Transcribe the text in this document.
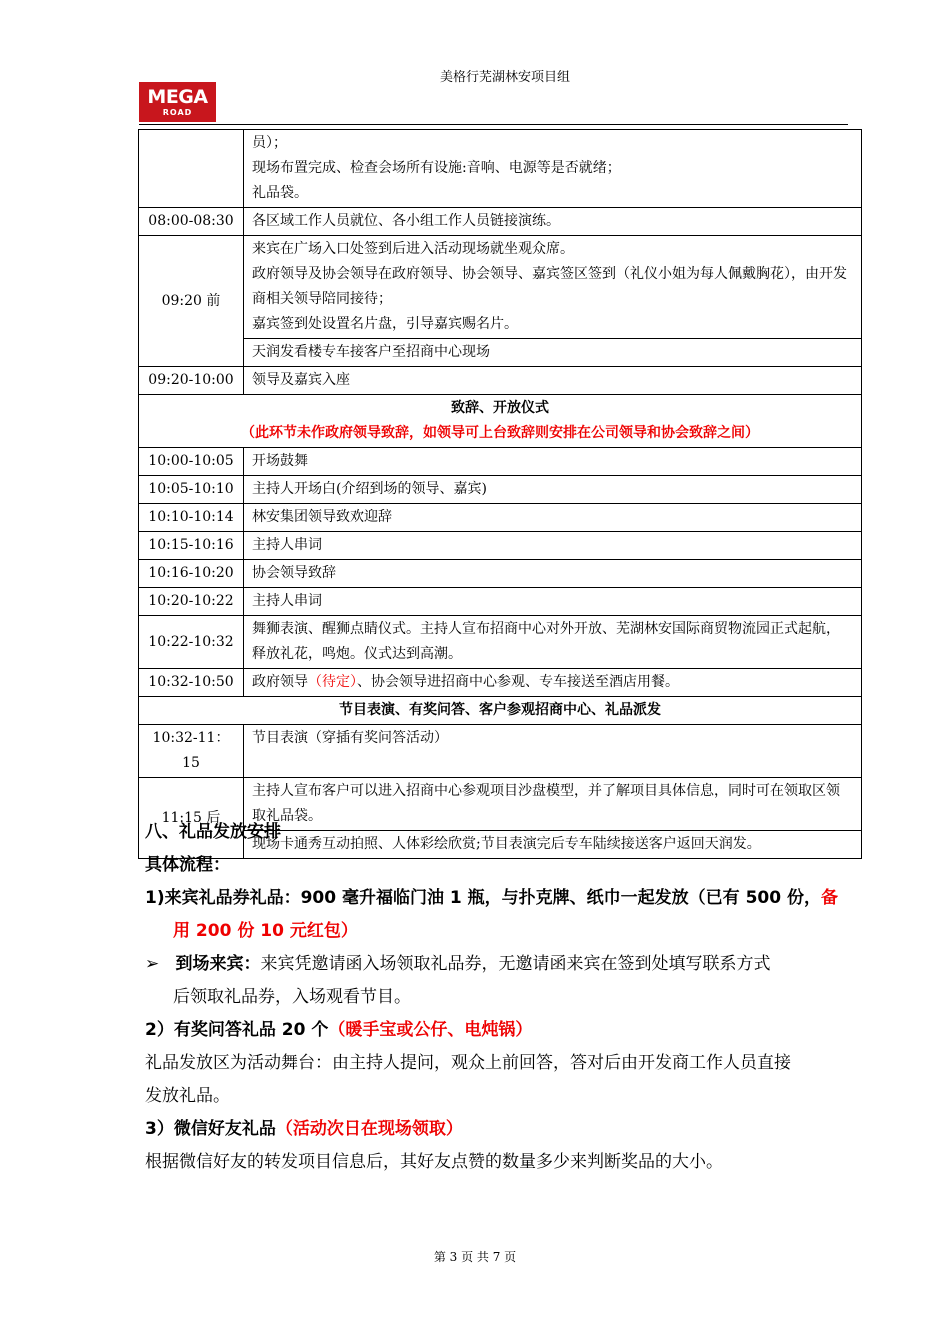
MEGA
ROAD
美格行芜湖林安项目组

	员）；
现场布置完成、检查会场所有设施:音响、电源等是否就绪；
礼品袋。

08:00-08:30	各区域工作人员就位、各小组工作人员链接演练。
09:20 前	来宾在广场入口处签到后进入活动现场就坐观众席。
政府领导及协会领导在政府领导、协会领导、嘉宾签区签到（礼仪小姐为每人佩戴胸花），由开发商相关领导陪同接待；
嘉宾签到处设置名片盘，引导嘉宾赐名片。

	天润发看楼专车接客户至招商中心现场
09:20-10:00	领导及嘉宾入座
致辞、开放仪式
（此环节未作政府领导致辞，如领导可上台致辞则安排在公司领导和协会致辞之间）	

10:00-10:05	开场鼓舞
10:05-10:10	主持人开场白(介绍到场的领导、嘉宾)
10:10-10:14	林安集团领导致欢迎辞
10:15-10:16	主持人串词
10:16-10:20	协会领导致辞
10:20-10:22	主持人串词
10:22-10:32	舞狮表演、醒狮点睛仪式。主持人宣布招商中心对外开放、芜湖林安国际商贸物流园正式起航，释放礼花，鸣炮。仪式达到高潮。
10:32-10:50	政府领导（待定）、协会领导进招商中心参观、专车接送至酒店用餐。
节目表演、有奖问答、客户参观招商中心、礼品派发	

10:32-11：
15	节目表演（穿插有奖问答活动）
11:15 后	主持人宣布客户可以进入招商中心参观项目沙盘模型，并了解项目具体信息，同时可在领取区领取礼品袋。
	现场卡通秀互动拍照、人体彩绘欣赏;节目表演完后专车陆续接送客户返回天润发。

八、礼品发放安排

具体流程：

1)来宾礼品券礼品：900 毫升福临门油 1 瓶，与扑克牌、纸巾一起发放（已有 500 份，备

用 200 份 10 元红包）

➢ 到场来宾：来宾凭邀请函入场领取礼品券，无邀请函来宾在签到处填写联系方式

后领取礼品券，入场观看节目。

2）有奖问答礼品 20 个（暖手宝或公仔、电炖锅）

礼品发放区为活动舞台：由主持人提问，观众上前回答，答对后由开发商工作人员直接

发放礼品。

3）微信好友礼品（活动次日在现场领取）

根据微信好友的转发项目信息后，其好友点赞的数量多少来判断奖品的大小。

第 3 页 共 7 页
